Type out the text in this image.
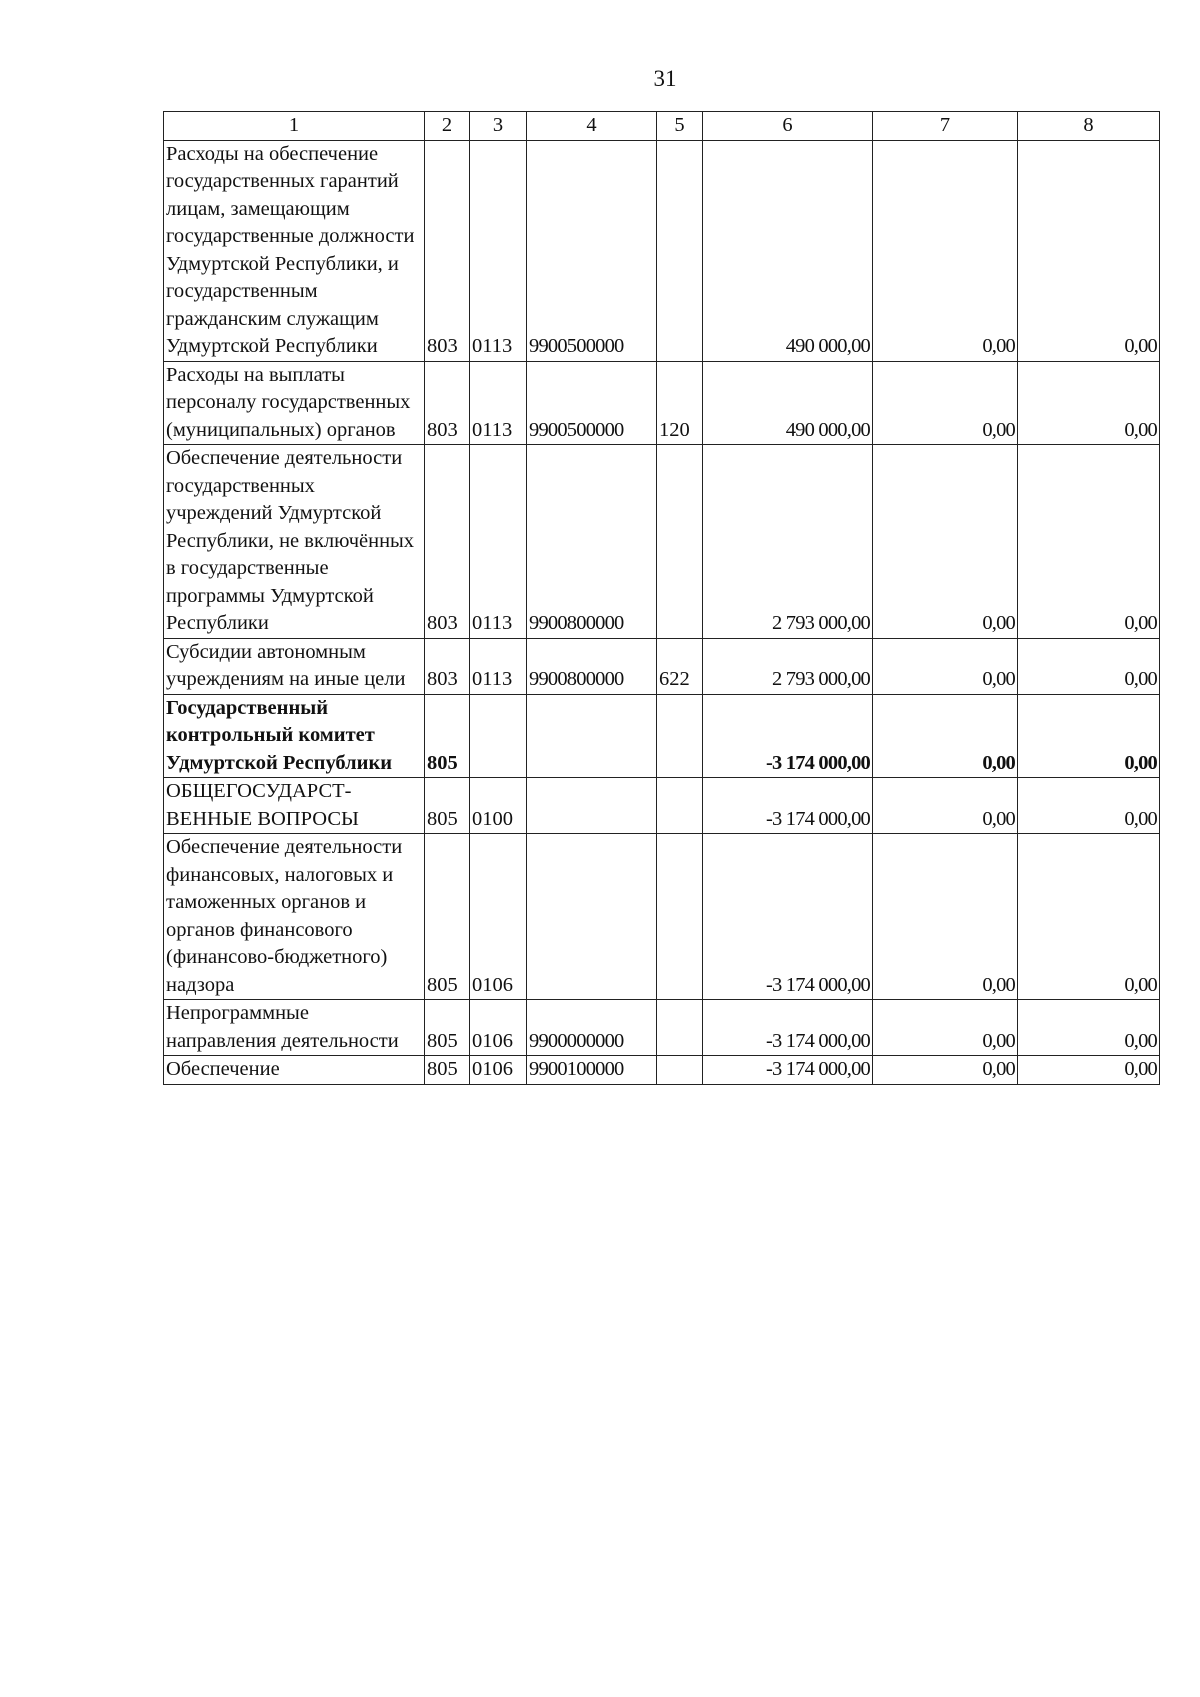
31
1	2	3	4	5	6	7	8
Расходы на обеспечение государственных гарантий лицам, замещающим государственные должности Удмуртской Республики, и государственным гражданским служащим Удмуртской Республики	803	0113	9900500000		490 000,00	0,00	0,00
Расходы на выплаты персоналу государственных (муниципальных) органов	803	0113	9900500000	120	490 000,00	0,00	0,00
Обеспечение деятельности государственных учреждений Удмуртской Республики, не включённых в государственные программы Удмуртской Республики	803	0113	9900800000		2 793 000,00	0,00	0,00
Субсидии автономным учреждениям на иные цели	803	0113	9900800000	622	2 793 000,00	0,00	0,00
Государственный контрольный комитет Удмуртской Республики	805				-3 174 000,00	0,00	0,00
ОБЩЕГОСУДАРСТ-ВЕННЫЕ ВОПРОСЫ	805	0100			-3 174 000,00	0,00	0,00
Обеспечение деятельности финансовых, налоговых и таможенных органов и органов финансового (финансово-бюджетного) надзора	805	0106			-3 174 000,00	0,00	0,00
Непрограммные направления деятельности	805	0106	9900000000		-3 174 000,00	0,00	0,00
Обеспечение	805	0106	9900100000		-3 174 000,00	0,00	0,00
